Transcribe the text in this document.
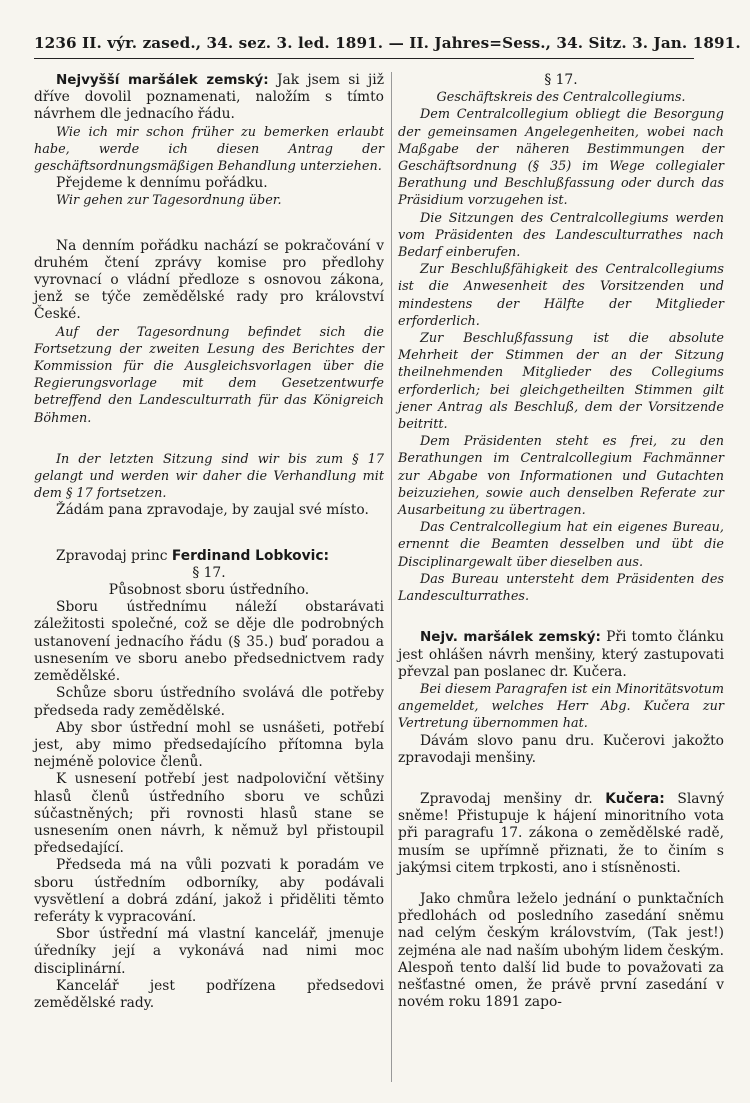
1236 II. výr. zased., 34. sez. 3. led. 1891. — II. Jahres=Sess., 34. Sitz. 3. Jan. 1891.

Nejvyšší maršálek zemský: Jak jsem si již dříve dovolil poznamenati, naložím s tímto návrhem dle jednacího řádu.

Wie ich mir schon früher zu bemerken erlaubt habe, werde ich diesen Antrag der geschäftsordnungsmäßigen Behandlung unterziehen.

Přejdeme k dennímu pořádku.

Wir gehen zur Tagesordnung über.

Na denním pořádku nachází se pokračování v druhém čtení zprávy komise pro předlohy vyrovnací o vládní předloze s osnovou zákona, jenž se týče zemědělské rady pro království České.

Auf der Tagesordnung befindet sich die Fortsetzung der zweiten Lesung des Berichtes der Kommission für die Ausgleichsvorlagen über die Regierungsvorlage mit dem Gesetzentwurfe betreffend den Landesculturrath für das Königreich Böhmen.

In der letzten Sitzung sind wir bis zum § 17 gelangt und werden wir daher die Verhandlung mit dem § 17 fortsetzen.

Žádám pana zpravodaje, by zaujal své místo.

Zpravodaj princ Ferdinand Lobkovic:

§ 17.

Působnost sboru ústředního.

Sboru ústřednímu náleží obstarávati záležitosti společné, což se děje dle podrobných ustanovení jednacího řádu (§ 35.) buď poradou a usnesením ve sboru anebo předsednictvem rady zemědělské.

Schůze sboru ústředního svolává dle potřeby předseda rady zemědělské.

Aby sbor ústřední mohl se usnášeti, potřebí jest, aby mimo předsedajícího přítomna byla nejméně polovice členů.

K usnesení potřebí jest nadpoloviční většiny hlasů členů ústředního sboru ve schůzi súčastněných; při rovnosti hlasů stane se usnesením onen návrh, k němuž byl přistoupil předsedající.

Předseda má na vůli pozvati k poradám ve sboru ústředním odborníky, aby podávali vysvětlení a dobrá zdání, jakož i přiděliti těmto referáty k vypracování.

Sbor ústřední má vlastní kancelář, jmenuje úředníky její a vykonává nad nimi moc disciplinární.

Kancelář jest podřízena předsedovi zemědělské rady.

§ 17.

Geschäftskreis des Centralcollegiums.

Dem Centralcollegium obliegt die Besorgung der gemeinsamen Angelegenheiten, wobei nach Maßgabe der näheren Bestimmungen der Geschäftsordnung (§ 35) im Wege collegialer Berathung und Beschlußfassung oder durch das Präsidium vorzugehen ist.

Die Sitzungen des Centralcollegiums werden vom Präsidenten des Landesculturrathes nach Bedarf einberufen.

Zur Beschlußfähigkeit des Centralcollegiums ist die Anwesenheit des Vorsitzenden und mindestens der Hälfte der Mitglieder erforderlich.

Zur Beschlußfassung ist die absolute Mehrheit der Stimmen der an der Sitzung theilnehmenden Mitglieder des Collegiums erforderlich; bei gleichgetheilten Stimmen gilt jener Antrag als Beschluß, dem der Vorsitzende beitritt.

Dem Präsidenten steht es frei, zu den Berathungen im Centralcollegium Fachmänner zur Abgabe von Informationen und Gutachten beizuziehen, sowie auch denselben Referate zur Ausarbeitung zu übertragen.

Das Centralcollegium hat ein eigenes Bureau, ernennt die Beamten desselben und übt die Disciplinargewalt über dieselben aus.

Das Bureau untersteht dem Präsidenten des Landesculturrathes.

Nejv. maršálek zemský: Při tomto článku jest ohlášen návrh menšiny, který zastupovati převzal pan poslanec dr. Kučera.

Bei diesem Paragrafen ist ein Minoritätsvotum angemeldet, welches Herr Abg. Kučera zur Vertretung übernommen hat.

Dávám slovo panu dru. Kučerovi jakožto zpravodaji menšiny.

Zpravodaj menšiny dr. Kučera: Slavný sněme! Přistupuje k hájení minoritního vota při paragrafu 17. zákona o zemědělské radě, musím se upřímně přiznati, že to činím s jakýmsi citem trpkosti, ano i stísněnosti.

Jako chmůra leželo jednání o punktačních předlohách od posledního zasedání sněmu nad celým českým královstvím, (Tak jest!) zejména ale nad naším ubohým lidem českým. Alespoň tento další lid bude to považovati za nešťastné omen, že právě první zasedání v novém roku 1891 zapo-
